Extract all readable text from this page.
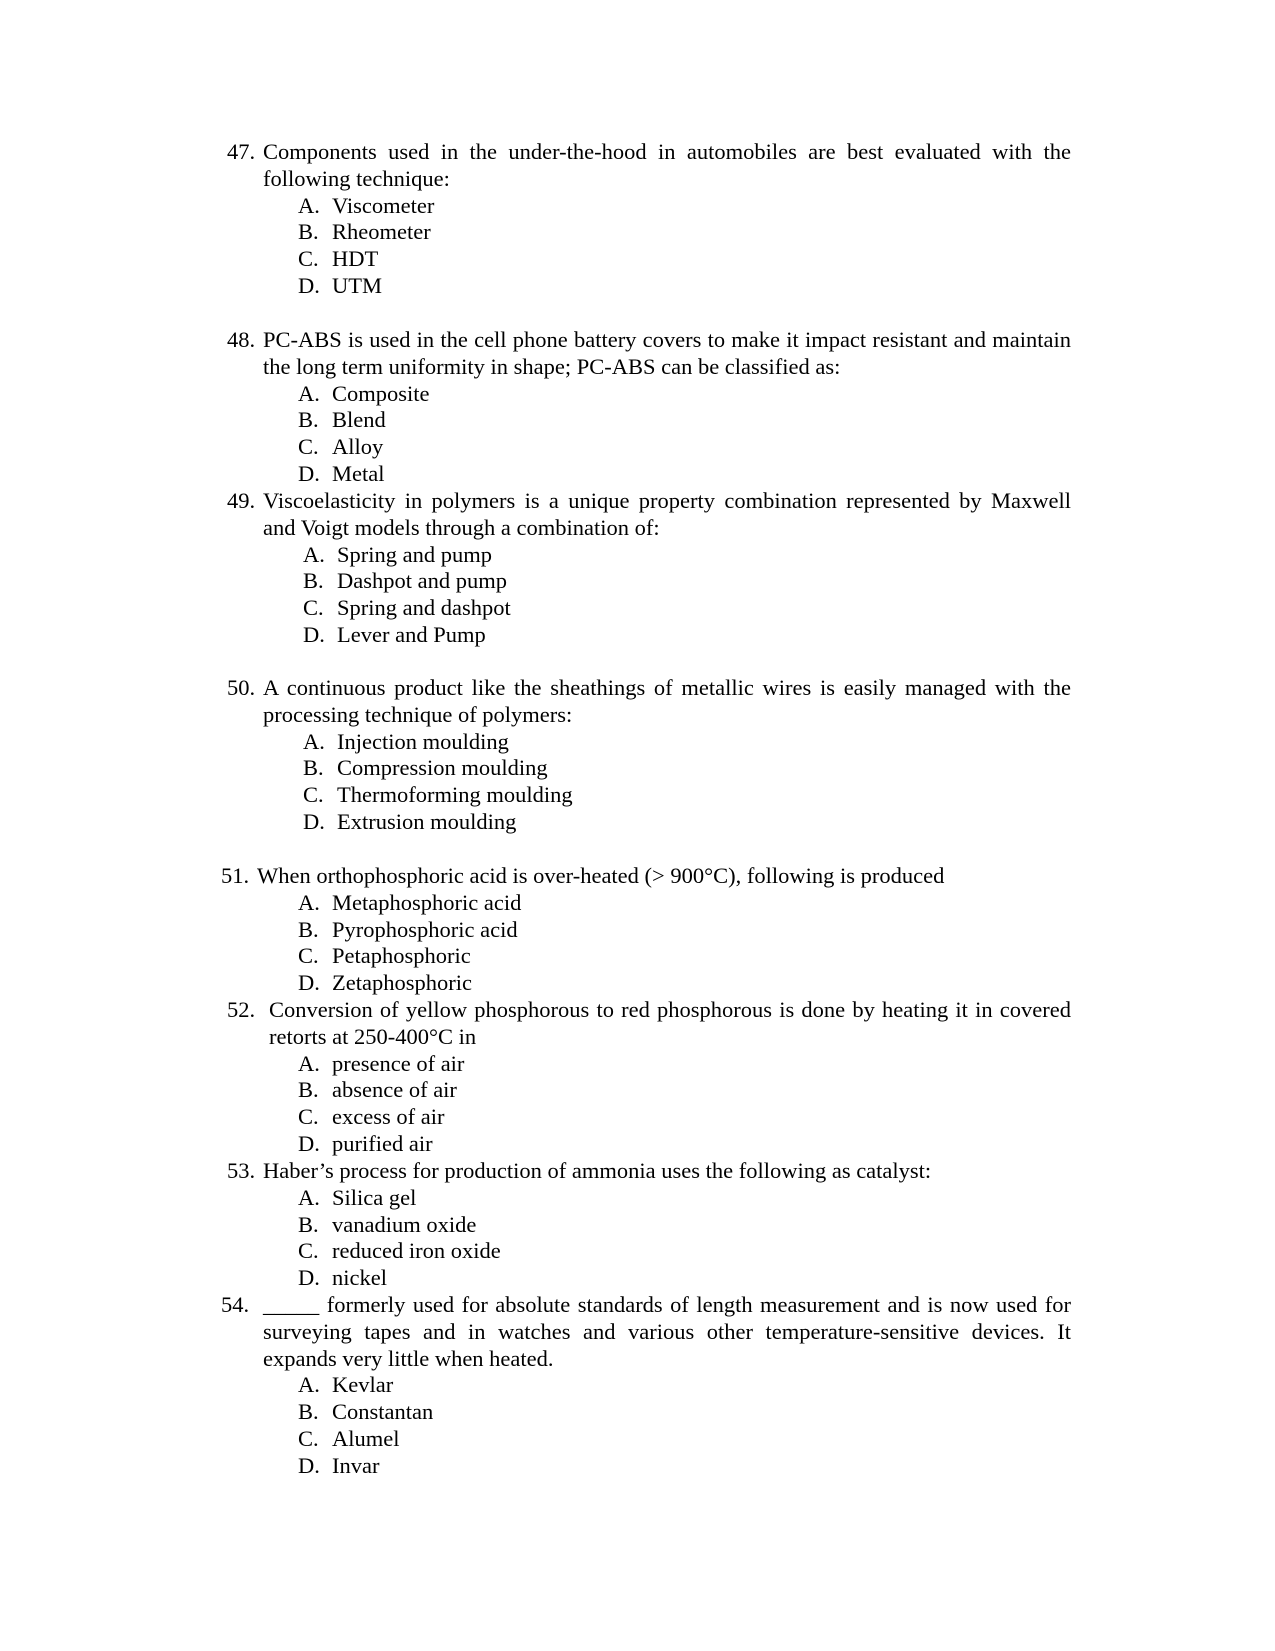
47. Components used in the under-the-hood in automobiles are best evaluated with the following technique:
A. Viscometer
B. Rheometer
C. HDT
D. UTM
48. PC-ABS is used in the cell phone battery covers to make it impact resistant and maintain the long term uniformity in shape; PC-ABS can be classified as:
A. Composite
B. Blend
C. Alloy
D. Metal
49. Viscoelasticity in polymers is a unique property combination represented by Maxwell and Voigt models through a combination of:
A. Spring and pump
B. Dashpot and pump
C. Spring and dashpot
D. Lever and Pump
50. A continuous product like the sheathings of metallic wires is easily managed with the processing technique of polymers:
A. Injection moulding
B. Compression moulding
C. Thermoforming moulding
D. Extrusion moulding
51. When orthophosphoric acid is over-heated (> 900°C), following is produced
A. Metaphosphoric acid
B. Pyrophosphoric acid
C. Petaphosphoric
D. Zetaphosphoric
52. Conversion of yellow phosphorous to red phosphorous is done by heating it in covered retorts at 250-400°C in
A. presence of air
B. absence of air
C. excess of air
D. purified air
53. Haber’s process for production of ammonia uses the following as catalyst:
A. Silica gel
B. vanadium oxide
C. reduced iron oxide
D. nickel
54. _____ formerly used for absolute standards of length measurement and is now used for surveying tapes and in watches and various other temperature-sensitive devices. It expands very little when heated.
A. Kevlar
B. Constantan
C. Alumel
D. Invar
